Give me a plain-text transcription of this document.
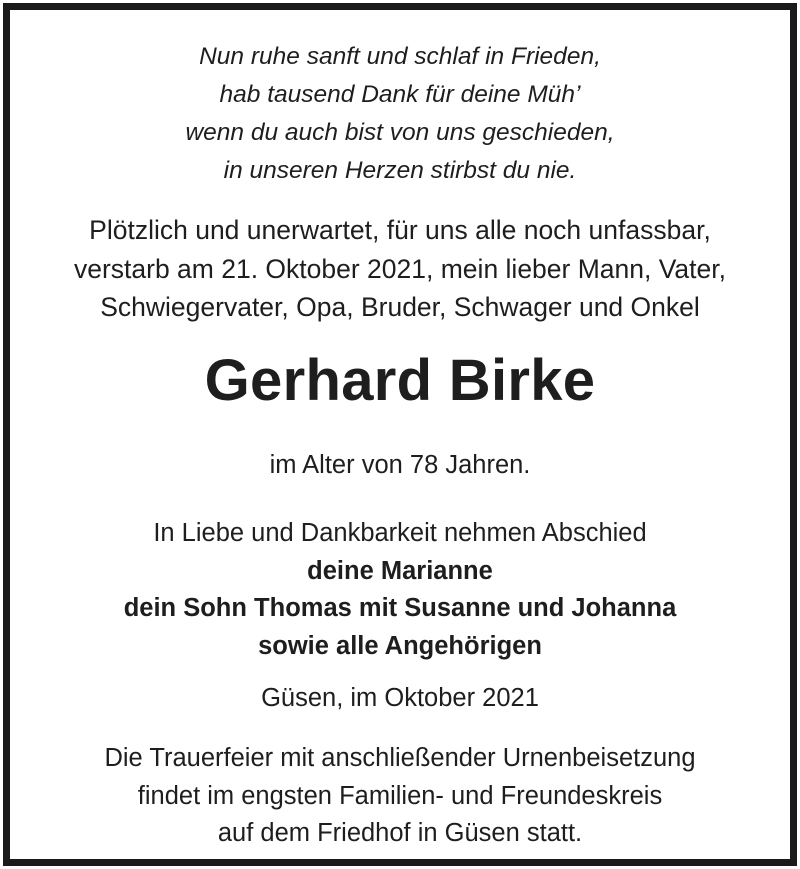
Nun ruhe sanft und schlaf in Frieden,
hab tausend Dank für deine Müh’
wenn du auch bist von uns geschieden,
in unseren Herzen stirbst du nie.
Plötzlich und unerwartet, für uns alle noch unfassbar,
verstarb am 21. Oktober 2021, mein lieber Mann, Vater,
Schwiegervater, Opa, Bruder, Schwager und Onkel
Gerhard Birke
im Alter von 78 Jahren.
In Liebe und Dankbarkeit nehmen Abschied
deine Marianne
dein Sohn Thomas mit Susanne und Johanna
sowie alle Angehörigen
Güsen, im Oktober 2021
Die Trauerfeier mit anschließender Urnenbeisetzung
findet im engsten Familien- und Freundeskreis
auf dem Friedhof in Güsen statt.
